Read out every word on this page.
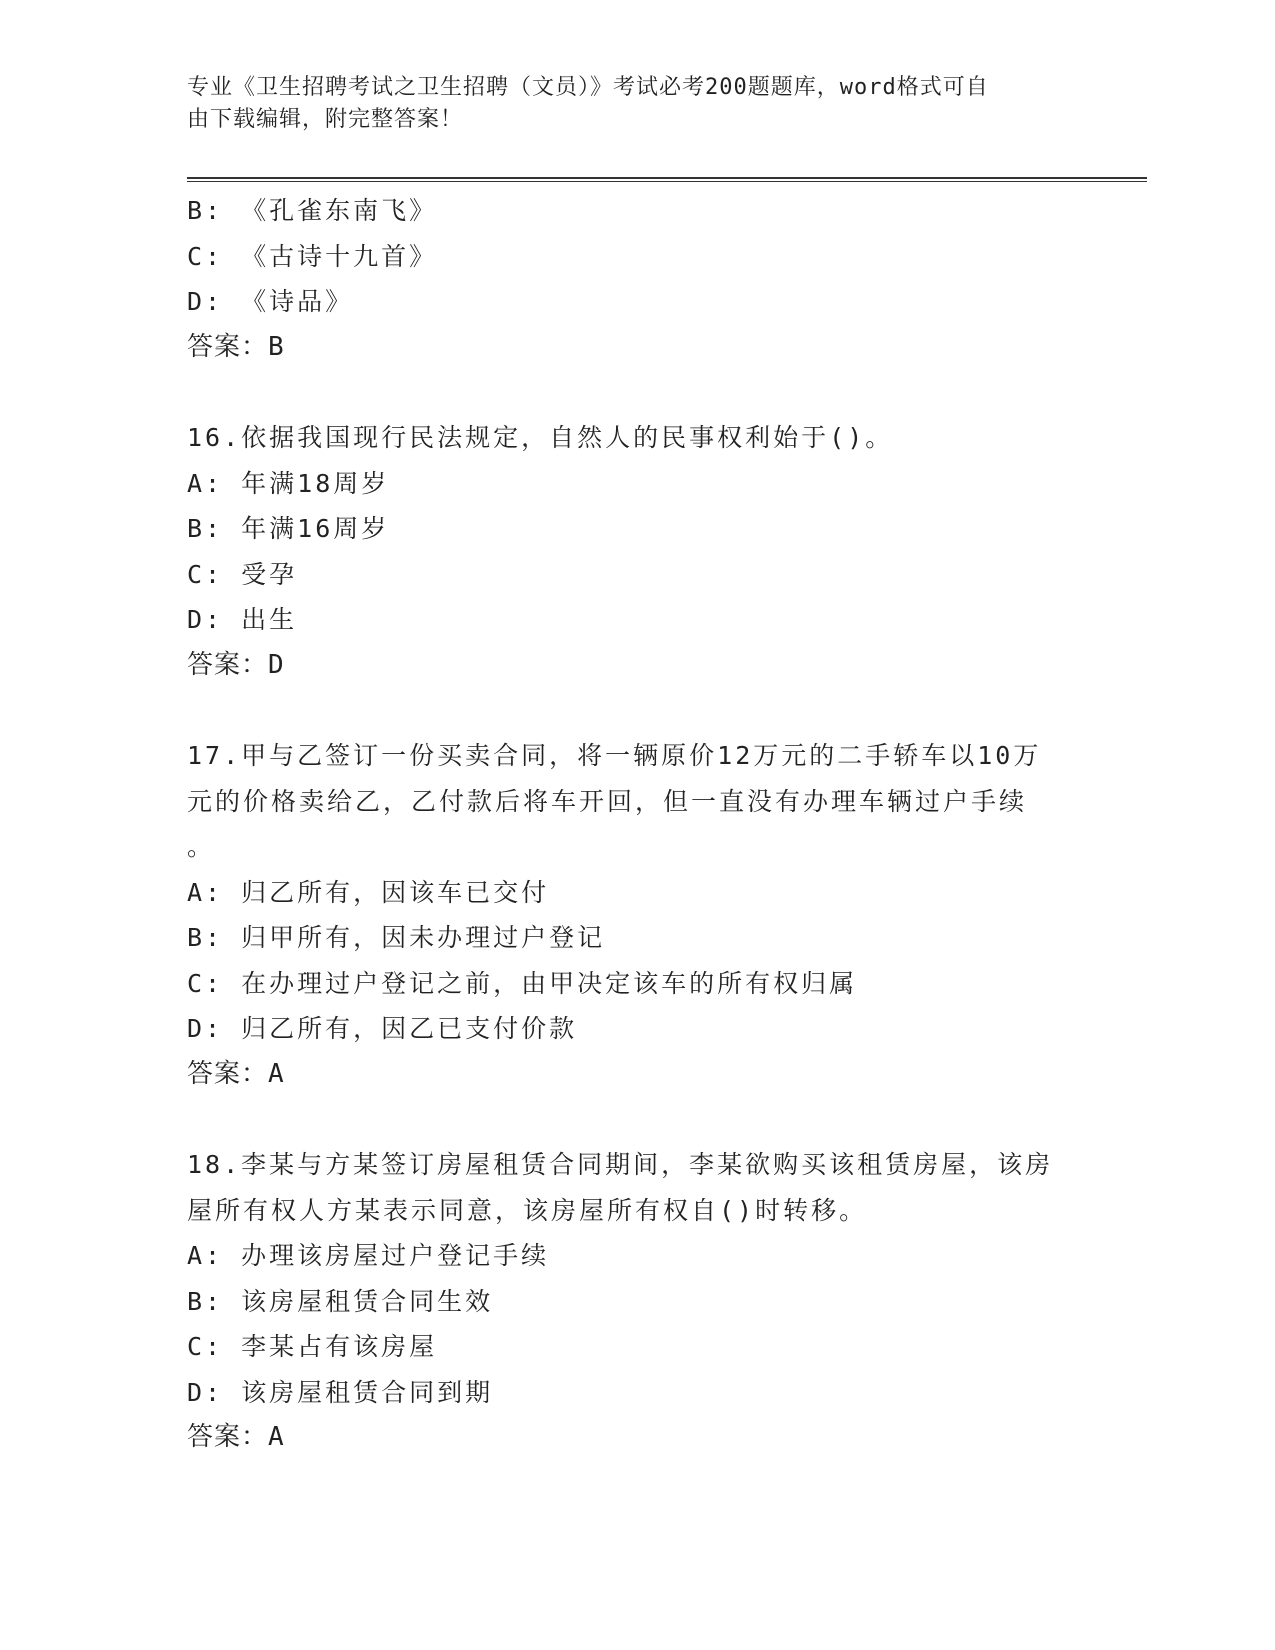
专业《卫生招聘考试之卫生招聘（文员）》考试必考200题题库，word格式可自
由下载编辑，附完整答案！
B: 《孔雀东南飞》
C: 《古诗十九首》
D: 《诗品》
答案：B
16.依据我国现行民法规定，自然人的民事权利始于()。
A: 年满18周岁
B: 年满16周岁
C: 受孕
D: 出生
答案：D
17.甲与乙签订一份买卖合同，将一辆原价12万元的二手轿车以10万
元的价格卖给乙，乙付款后将车开回，但一直没有办理车辆过户手续
。
A: 归乙所有，因该车已交付
B: 归甲所有，因未办理过户登记
C: 在办理过户登记之前，由甲决定该车的所有权归属
D: 归乙所有，因乙已支付价款
答案：A
18.李某与方某签订房屋租赁合同期间，李某欲购买该租赁房屋，该房
屋所有权人方某表示同意，该房屋所有权自()时转移。
A: 办理该房屋过户登记手续
B: 该房屋租赁合同生效
C: 李某占有该房屋
D: 该房屋租赁合同到期
答案：A
